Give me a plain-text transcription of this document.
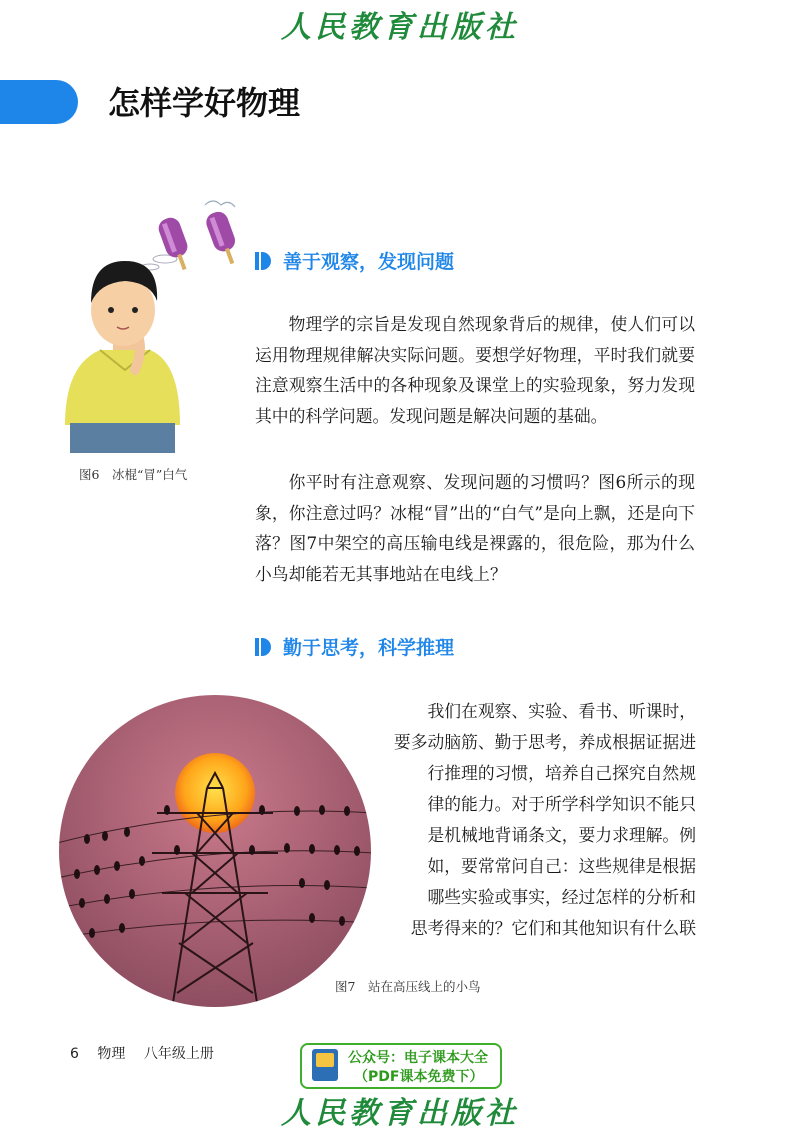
人民教育出版社
怎样学好物理
图6　冰棍“冒”白气
善于观察，发现问题

物理学的宗旨是发现自然现象背后的规律，使人们可以运用物理规律解决实际问题。要想学好物理，平时我们就要注意观察生活中的各种现象及课堂上的实验现象，努力发现其中的科学问题。发现问题是解决问题的基础。

你平时有注意观察、发现问题的习惯吗？图6所示的现象，你注意过吗？冰棍“冒”出的“白气”是向上飘，还是向下落？图7中架空的高压输电线是裸露的，很危险，那为什么小鸟却能若无其事地站在电线上？

勤于思考，科学推理
我们在观察、实验、看书、听课时，
要多动脑筋、勤于思考，养成根据证据进
行推理的习惯，培养自己探究自然规
律的能力。对于所学科学知识不能只
是机械地背诵条文，要力求理解。例
如，要常常问自己：这些规律是根据
哪些实验或事实，经过怎样的分析和
思考得来的？它们和其他知识有什么联
图7　站在高压线上的小鸟
6 物理 八年级上册	公众号：电子课本大全
（PDF课本免费下）
人民教育出版社
